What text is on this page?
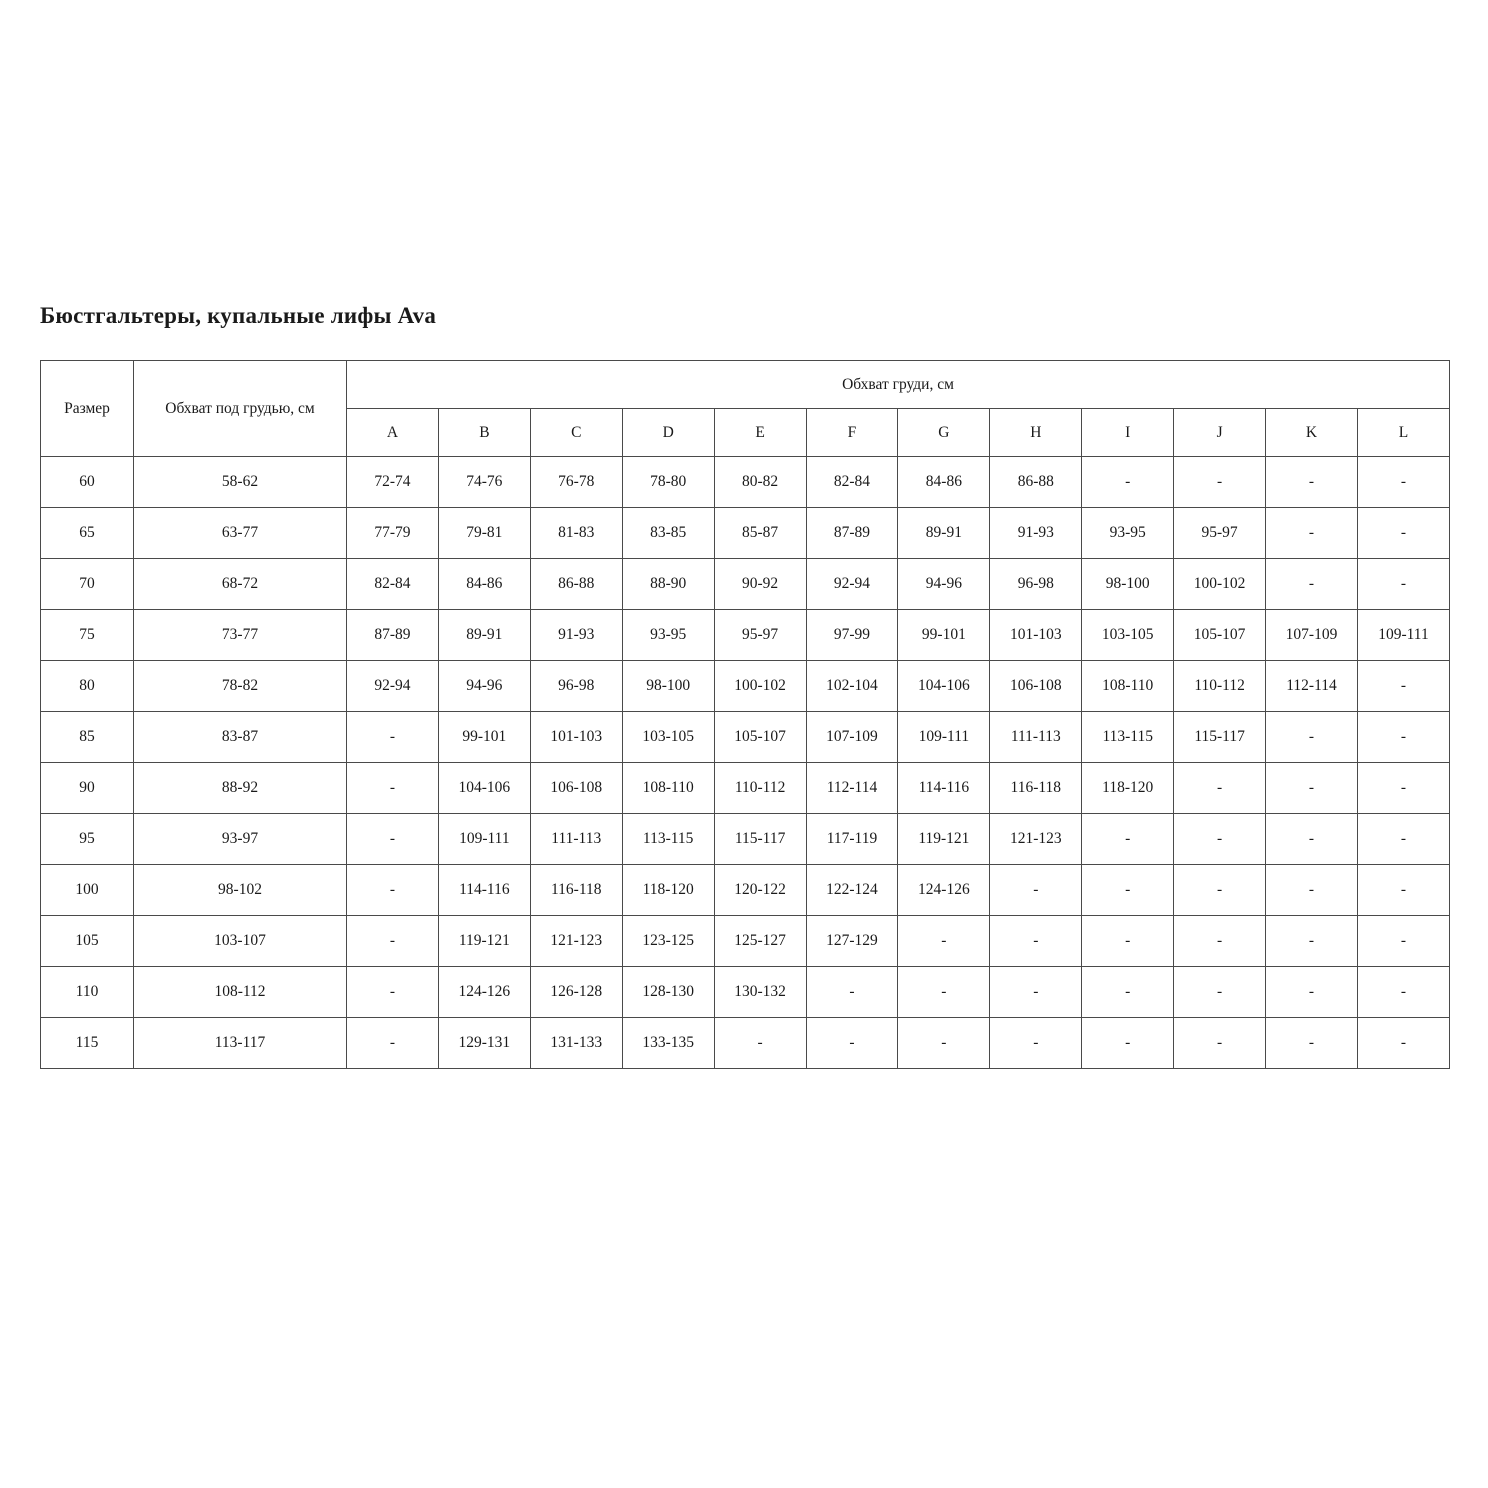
Бюстгальтеры, купальные лифы Ava
Размер	Обхват под грудью, см	Обхват груди, см											
		A	B	C	D	E	F	G	H	I	J	K	L
60	58-62	72-74	74-76	76-78	78-80	80-82	82-84	84-86	86-88	-	-	-	-
65	63-77	77-79	79-81	81-83	83-85	85-87	87-89	89-91	91-93	93-95	95-97	-	-
70	68-72	82-84	84-86	86-88	88-90	90-92	92-94	94-96	96-98	98-100	100-102	-	-
75	73-77	87-89	89-91	91-93	93-95	95-97	97-99	99-101	101-103	103-105	105-107	107-109	109-111
80	78-82	92-94	94-96	96-98	98-100	100-102	102-104	104-106	106-108	108-110	110-112	112-114	-
85	83-87	-	99-101	101-103	103-105	105-107	107-109	109-111	111-113	113-115	115-117	-	-
90	88-92	-	104-106	106-108	108-110	110-112	112-114	114-116	116-118	118-120	-	-	-
95	93-97	-	109-111	111-113	113-115	115-117	117-119	119-121	121-123	-	-	-	-
100	98-102	-	114-116	116-118	118-120	120-122	122-124	124-126	-	-	-	-	-
105	103-107	-	119-121	121-123	123-125	125-127	127-129	-	-	-	-	-	-
110	108-112	-	124-126	126-128	128-130	130-132	-	-	-	-	-	-	-
115	113-117	-	129-131	131-133	133-135	-	-	-	-	-	-	-	-
